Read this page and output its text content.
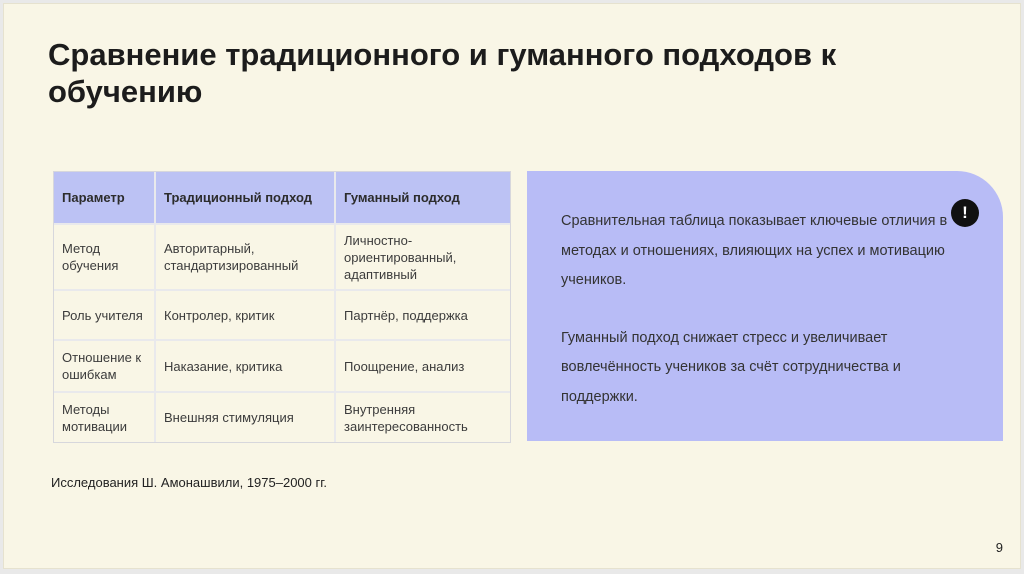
Сравнение традиционного и гуманного подходов к обучению
Параметр	Традиционный подход	Гуманный подход
Метод обучения	Авторитарный, стандартизированный	Личностно-ориентированный, адаптивный
Роль учителя	Контролер, критик	Партнёр, поддержка
Отношение к ошибкам	Наказание, критика	Поощрение, анализ
Методы мотивации	Внешняя стимуляция	Внутренняя заинтересованность
!

Сравнительная таблица показывает ключевые отличия в методах и отношениях, влияющих на успех и мотивацию учеников.

Гуманный подход снижает стресс и увеличивает вовлечённость учеников за счёт сотрудничества и поддержки.

Исследования Ш. Амонашвили, 1975–2000 гг.
9
